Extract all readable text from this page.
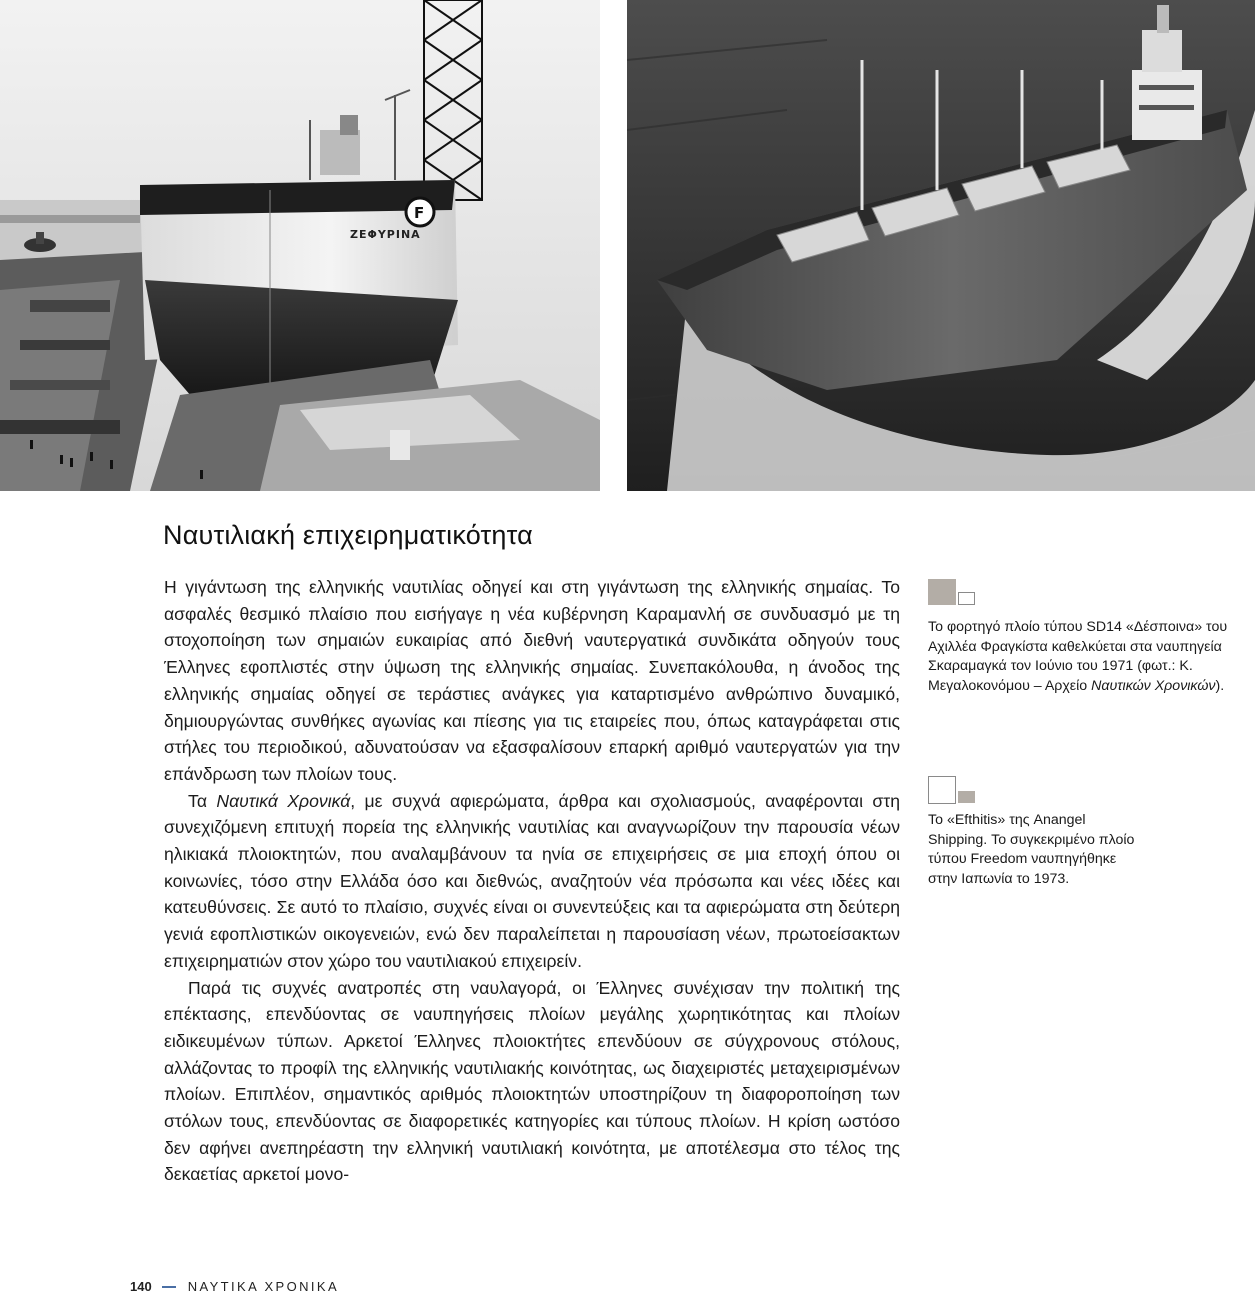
ΖΕΦΥΡΙΝΑ
F
Ναυτιλιακή επιχειρηματικότητα

Η γιγάντωση της ελληνικής ναυτιλίας οδηγεί και στη γιγάντωση της ελληνικής σημαίας. Το ασφαλές θεσμικό πλαίσιο που εισήγαγε η νέα κυβέρνηση Καραμανλή σε συνδυασμό με τη στοχοποίηση των σημαιών ευκαιρίας από διεθνή ναυτεργατικά συνδικάτα οδηγούν τους Έλληνες εφοπλιστές στην ύψωση της ελληνικής σημαίας. Συνεπακόλουθα, η άνοδος της ελληνικής σημαίας οδηγεί σε τεράστιες ανάγκες για καταρτισμένο ανθρώπινο δυναμικό, δημιουργώντας συνθήκες αγωνίας και πίεσης για τις εταιρείες που, όπως καταγράφεται στις στήλες του περιοδικού, αδυνατούσαν να εξασφαλίσουν επαρκή αριθμό ναυτεργατών για την επάνδρωση των πλοίων τους.

Τα Ναυτικά Χρονικά, με συχνά αφιερώματα, άρθρα και σχολιασμούς, αναφέρονται στη συνεχιζόμενη επιτυχή πορεία της ελληνικής ναυτιλίας και αναγνωρίζουν την παρουσία νέων ηλικιακά πλοιοκτητών, που αναλαμβάνουν τα ηνία σε επιχειρήσεις σε μια εποχή όπου οι κοινωνίες, τόσο στην Ελλάδα όσο και διεθνώς, αναζητούν νέα πρόσωπα και νέες ιδέες και κατευθύνσεις. Σε αυτό το πλαίσιο, συχνές είναι οι συνεντεύξεις και τα αφιερώματα στη δεύτερη γενιά εφοπλιστικών οικογενειών, ενώ δεν παραλείπεται η παρουσίαση νέων, πρωτοείσακτων επιχειρηματιών στον χώρο του ναυτιλιακού επιχειρείν.

Παρά τις συχνές ανατροπές στη ναυλαγορά, οι Έλληνες συνέχισαν την πολιτική της επέκτασης, επενδύοντας σε ναυπηγήσεις πλοίων μεγάλης χωρητικότητας και πλοίων ειδικευμένων τύπων. Αρκετοί Έλληνες πλοιοκτήτες επενδύουν σε σύγχρονους στόλους, αλλάζοντας το προφίλ της ελληνικής ναυτιλιακής κοινότητας, ως διαχειριστές μεταχειρισμένων πλοίων. Επιπλέον, σημαντικός αριθμός πλοιοκτητών υποστηρίζουν τη διαφοροποίηση των στόλων τους, επενδύοντας σε διαφορετικές κατηγορίες και τύπους πλοίων. Η κρίση ωστόσο δεν αφήνει ανεπηρέαστη την ελληνική ναυτιλιακή κοινότητα, με αποτέλεσμα στο τέλος της δεκαετίας αρκετοί μονο-

Το φορτηγό πλοίο τύπου SD14 «Δέσποινα» του Αχιλλέα Φραγκίστα καθελκύεται στα ναυπηγεία Σκαραμαγκά τον Ιούνιο του 1971 (φωτ.: Κ. Μεγαλοκονόμου – Αρχείο Ναυτικών Χρονικών).
Το «Efthitis» της Anangel Shipping. Το συγκεκριμένο πλοίο τύπου Freedom ναυπηγήθηκε στην Ιαπωνία το 1973.
140	ΝΑΥΤΙΚΑ ΧΡΟΝΙΚΑ
